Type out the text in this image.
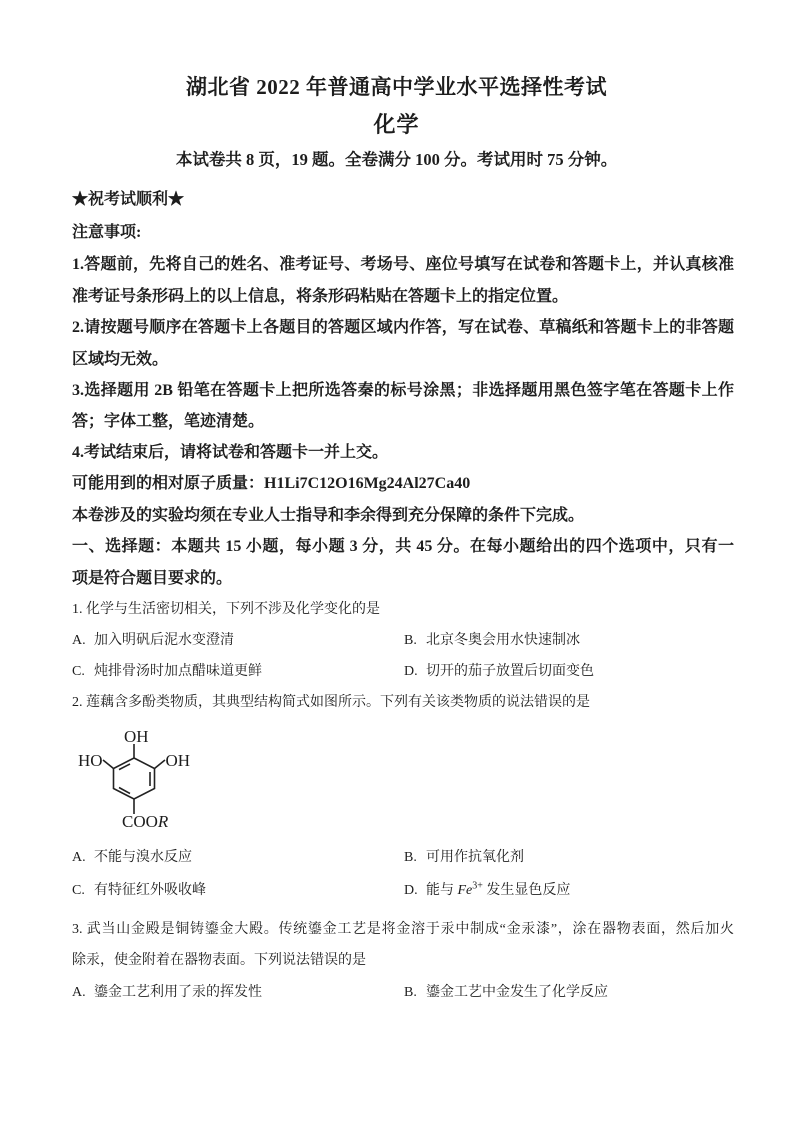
湖北省 2022 年普通高中学业水平选择性考试
化学
本试卷共 8 页，19 题。全卷满分 100 分。考试用时 75 分钟。
★祝考试顺利★
注意事项:
1.答题前，先将自己的姓名、准考证号、考场号、座位号填写在试卷和答题卡上，并认真核准
准考证号条形码上的以上信息，将条形码粘贴在答题卡上的指定位置。
2.请按题号顺序在答题卡上各题目的答题区域内作答，写在试卷、草稿纸和答题卡上的非答题
区域均无效。
3.选择题用 2B 铅笔在答题卡上把所选答秦的标号涂黑；非选择题用黑色签字笔在答题卡上作
答；字体工整，笔迹清楚。
4.考试结束后，请将试卷和答题卡一并上交。
可能用到的相对原子质量：H1Li7C12O16Mg24Al27Ca40
本卷涉及的实验均须在专业人士指导和李余得到充分保障的条件下完成。
一、选择题：本题共 15 小题，每小题 3 分，共 45 分。在每小题给出的四个选项中，只有一
项是符合题目要求的。
1. 化学与生活密切相关，下列不涉及化学变化的是
A. 加入明矾后泥水变澄清	B. 北京冬奥会用水快速制冰
C. 炖排骨汤时加点醋味道更鲜	D. 切开的茄子放置后切面变色
2. 莲藕含多酚类物质，其典型结构简式如图所示。下列有关该类物质的说法错误的是
OH
HO	OH
COOR
A. 不能与溴水反应	B. 可用作抗氧化剂
C. 有特征红外吸收峰	D. 能与 $Fe^{3+}$ 发生显色反应
3. 武当山金殿是铜铸鎏金大殿。传统鎏金工艺是将金溶于汞中制成“金汞漆”，涂在器物表面，然后加火
除汞，使金附着在器物表面。下列说法错误的是
A. 鎏金工艺利用了汞的挥发性	B. 鎏金工艺中金发生了化学反应
